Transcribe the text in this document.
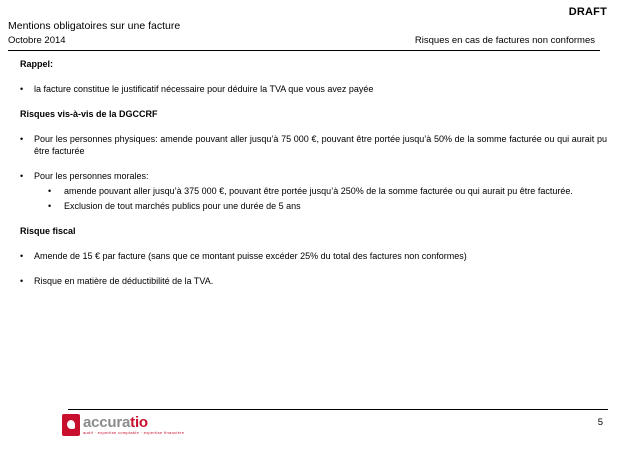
DRAFT
Mentions obligatoires sur une facture
Octobre 2014	Risques en cas de factures non conformes

Rappel:

•	la facture constitue le justificatif nécessaire pour déduire la TVA que vous avez payée

Risques vis-à-vis de la DGCCRF

•	Pour les personnes physiques: amende pouvant aller jusqu’à 75 000 €, pouvant être portée jusqu’à 50% de la somme facturée ou qui aurait pu être facturée
•	Pour les personnes morales:
•	amende pouvant aller jusqu’à 375 000 €, pouvant être portée jusqu’à 250% de la somme facturée ou qui aurait pu être facturée.
•	Exclusion de tout marchés publics pour une durée de 5 ans

Risque fiscal

•	Amende de 15 € par facture (sans que ce montant puisse excéder 25% du total des factures non conformes)
•	Risque en matière de déductibilité de la TVA.
accuratio
audit · expertise comptable · expertise financière
5
